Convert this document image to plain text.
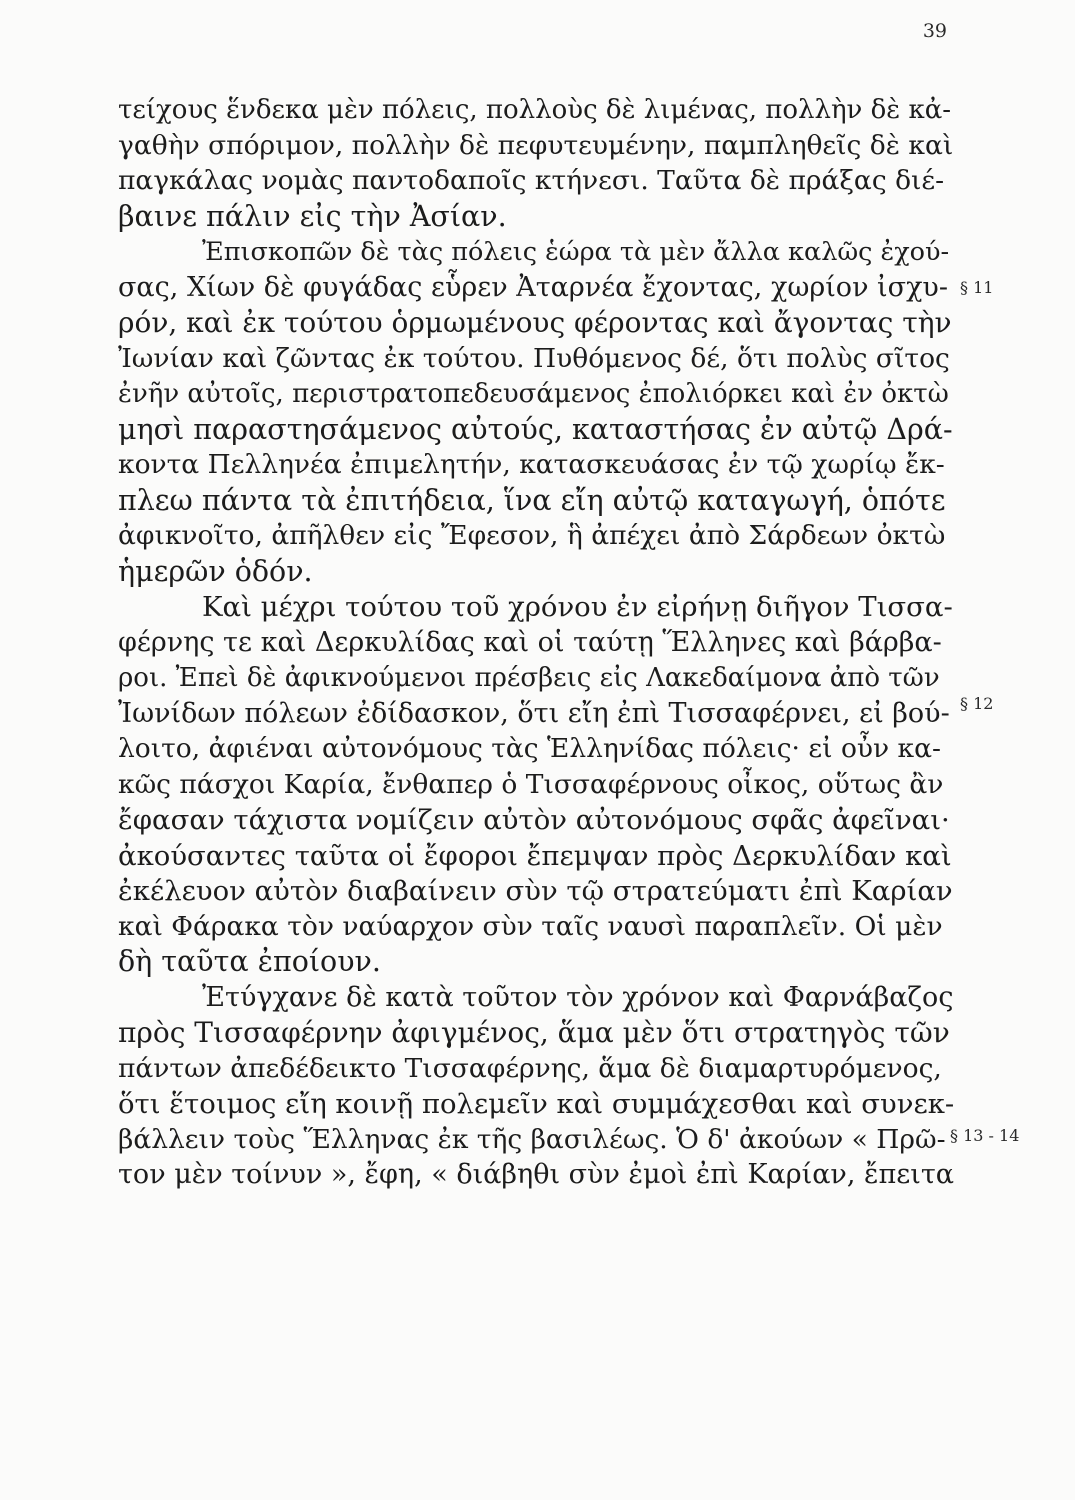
39
τείχους ἕνδεκα μὲν πόλεις, πολλοὺς δὲ λιμένας, πολλὴν δὲ κἀ-
γαθὴν σπόριμον, πολλὴν δὲ πεφυτευμένην, παμπληθεῖς δὲ καὶ
παγκάλας νομὰς παντοδαποῖς κτήνεσι. Ταῦτα δὲ πράξας διέ-
βαινε πάλιν εἰς τὴν Ἀσίαν.
Ἐπισκοπῶν δὲ τὰς πόλεις ἑώρα τὰ μὲν ἄλλα καλῶς ἐχού-
σας, Χίων δὲ φυγάδας εὗρεν Ἀταρνέα ἔχοντας, χωρίον ἰσχυ-
ρόν, καὶ ἐκ τούτου ὁρμωμένους φέροντας καὶ ἄγοντας τὴν
Ἰωνίαν καὶ ζῶντας ἐκ τούτου. Πυθόμενος δέ, ὅτι πολὺς σῖτος
ἐνῆν αὐτοῖς, περιστρατοπεδευσάμενος ἐπολιόρκει καὶ ἐν ὀκτὼ
μησὶ παραστησάμενος αὐτούς, καταστήσας ἐν αὐτῷ Δρά-
κοντα Πελληνέα ἐπιμελητήν, κατασκευάσας ἐν τῷ χωρίῳ ἔκ-
πλεω πάντα τὰ ἐπιτήδεια, ἵνα εἴη αὐτῷ καταγωγή, ὁπότε
ἀφικνοῖτο, ἀπῆλθεν εἰς Ἔφεσον, ἣ ἀπέχει ἀπὸ Σάρδεων ὀκτὼ
ἡμερῶν ὁδόν.
Καὶ μέχρι τούτου τοῦ χρόνου ἐν εἰρήνῃ διῆγον Τισσα-
φέρνης τε καὶ Δερκυλίδας καὶ οἱ ταύτῃ Ἕλληνες καὶ βάρβα-
ροι. Ἐπεὶ δὲ ἀφικνούμενοι πρέσβεις εἰς Λακεδαίμονα ἀπὸ τῶν
Ἰωνίδων πόλεων ἐδίδασκον, ὅτι εἴη ἐπὶ Τισσαφέρνει, εἰ βού-
λοιτο, ἀφιέναι αὐτονόμους τὰς Ἑλληνίδας πόλεις· εἰ οὖν κα-
κῶς πάσχοι Καρία, ἔνθαπερ ὁ Τισσαφέρνους οἶκος, οὕτως ἂν
ἔφασαν τάχιστα νομίζειν αὐτὸν αὐτονόμους σφᾶς ἀφεῖναι·
ἀκούσαντες ταῦτα οἱ ἔφοροι ἔπεμψαν πρὸς Δερκυλίδαν καὶ
ἐκέλευον αὐτὸν διαβαίνειν σὺν τῷ στρατεύματι ἐπὶ Καρίαν
καὶ Φάρακα τὸν ναύαρχον σὺν ταῖς ναυσὶ παραπλεῖν. Οἱ μὲν
δὴ ταῦτα ἐποίουν.
Ἐτύγχανε δὲ κατὰ τοῦτον τὸν χρόνον καὶ Φαρνάβαζος
πρὸς Τισσαφέρνην ἀφιγμένος, ἅμα μὲν ὅτι στρατηγὸς τῶν
πάντων ἀπεδέδεικτο Τισσαφέρνης, ἅμα δὲ διαμαρτυρόμενος,
ὅτι ἕτοιμος εἴη κοινῇ πολεμεῖν καὶ συμμάχεσθαι καὶ συνεκ-
βάλλειν τοὺς Ἕλληνας ἐκ τῆς βασιλέως. Ὁ δ' ἀκούων « Πρῶ-
τον μὲν τοίνυν », ἔφη, « διάβηθι σὺν ἐμοὶ ἐπὶ Καρίαν, ἔπειτα
§ 11
§ 12
§ 13 - 14
